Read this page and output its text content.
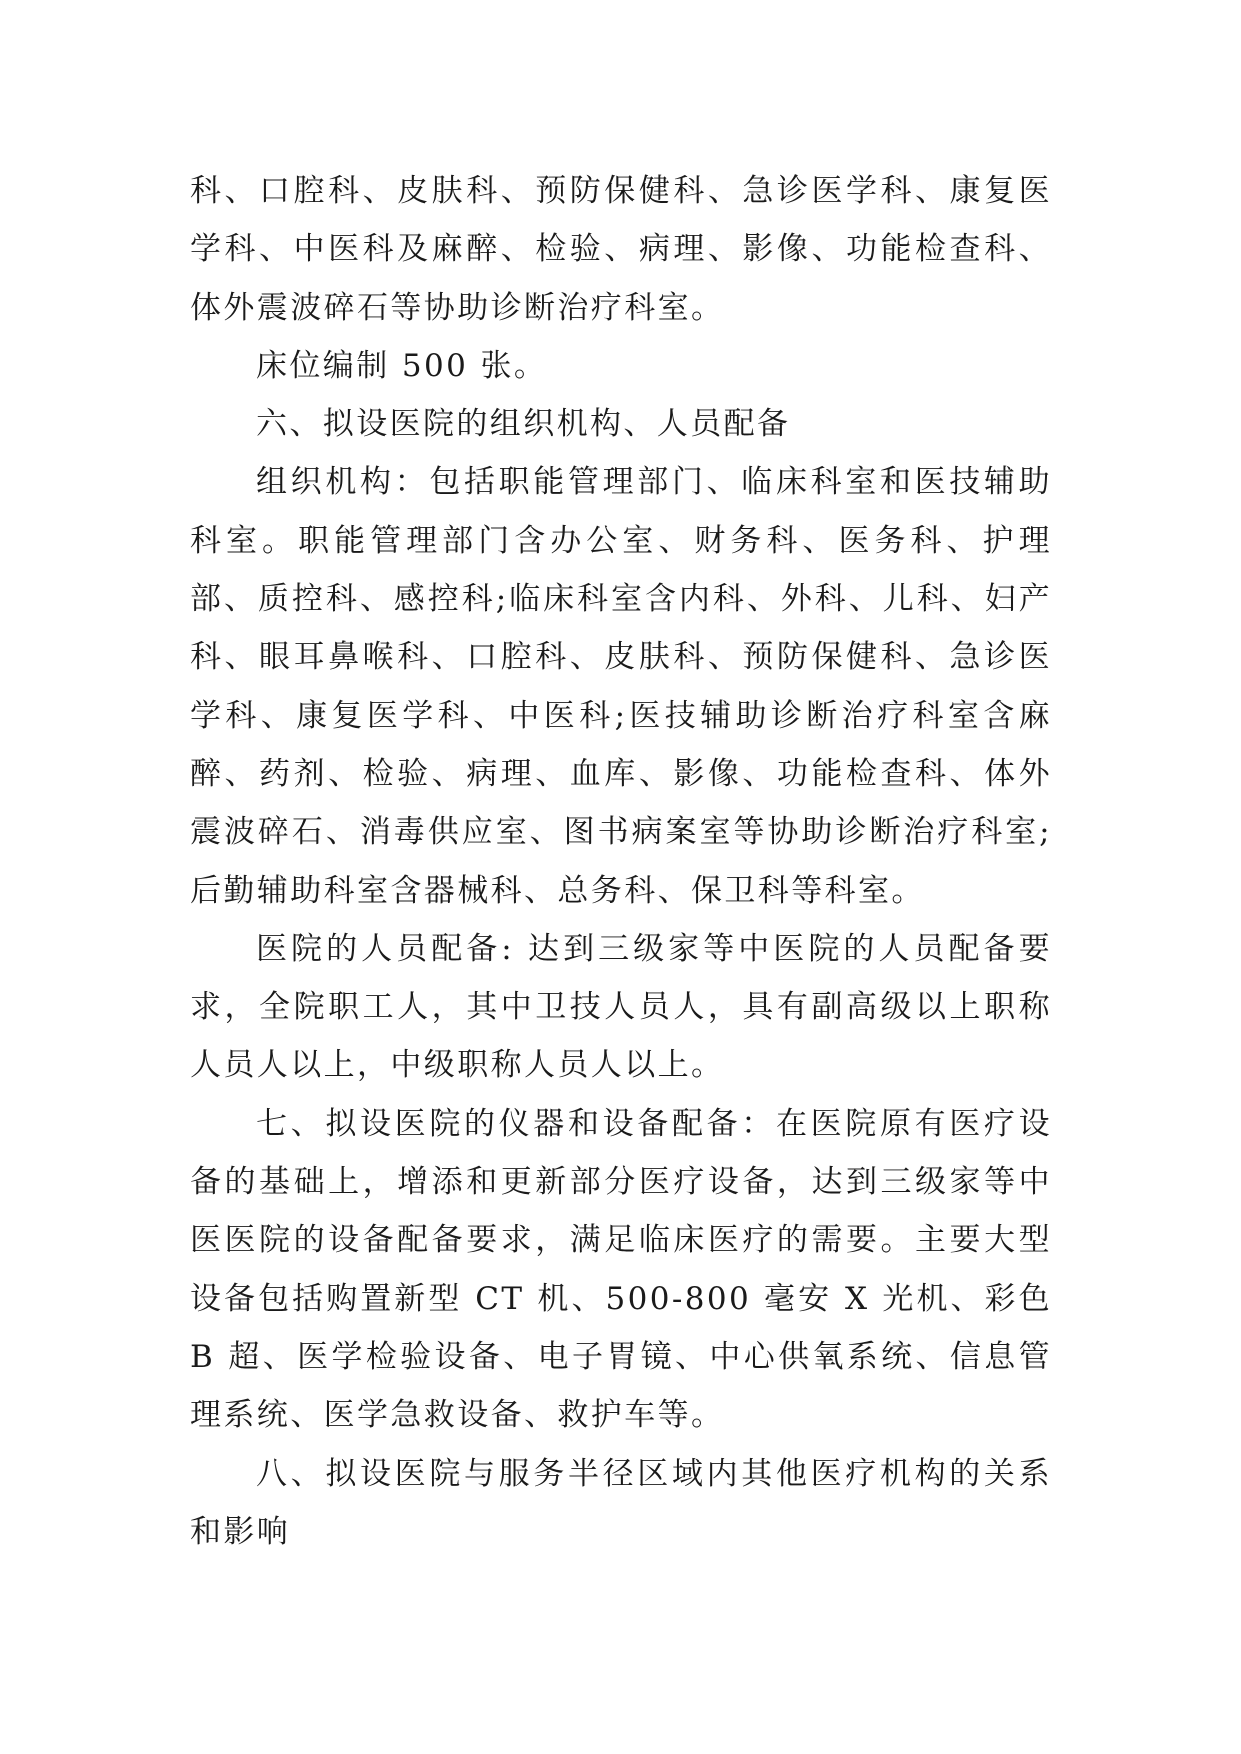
科、口腔科、皮肤科、预防保健科、急诊医学科、康复医学科、中医科及麻醉、检验、病理、影像、功能检查科、体外震波碎石等协助诊断治疗科室。

床位编制 500 张。

六、拟设医院的组织机构、人员配备

组织机构：包括职能管理部门、临床科室和医技辅助科室。职能管理部门含办公室、财务科、医务科、护理部、质控科、感控科;临床科室含内科、外科、儿科、妇产科、眼耳鼻喉科、口腔科、皮肤科、预防保健科、急诊医学科、康复医学科、中医科;医技辅助诊断治疗科室含麻醉、药剂、检验、病理、血库、影像、功能检查科、体外震波碎石、消毒供应室、图书病案室等协助诊断治疗科室;后勤辅助科室含器械科、总务科、保卫科等科室。

医院的人员配备: 达到三级家等中医院的人员配备要求，全院职工人，其中卫技人员人，具有副高级以上职称人员人以上，中级职称人员人以上。

七、拟设医院的仪器和设备配备：在医院原有医疗设备的基础上，增添和更新部分医疗设备，达到三级家等中医医院的设备配备要求，满足临床医疗的需要。主要大型设备包括购置新型 CT 机、500-800 毫安 X 光机、彩色 B 超、医学检验设备、电子胃镜、中心供氧系统、信息管理系统、医学急救设备、救护车等。

八、拟设医院与服务半径区域内其他医疗机构的关系和影响
